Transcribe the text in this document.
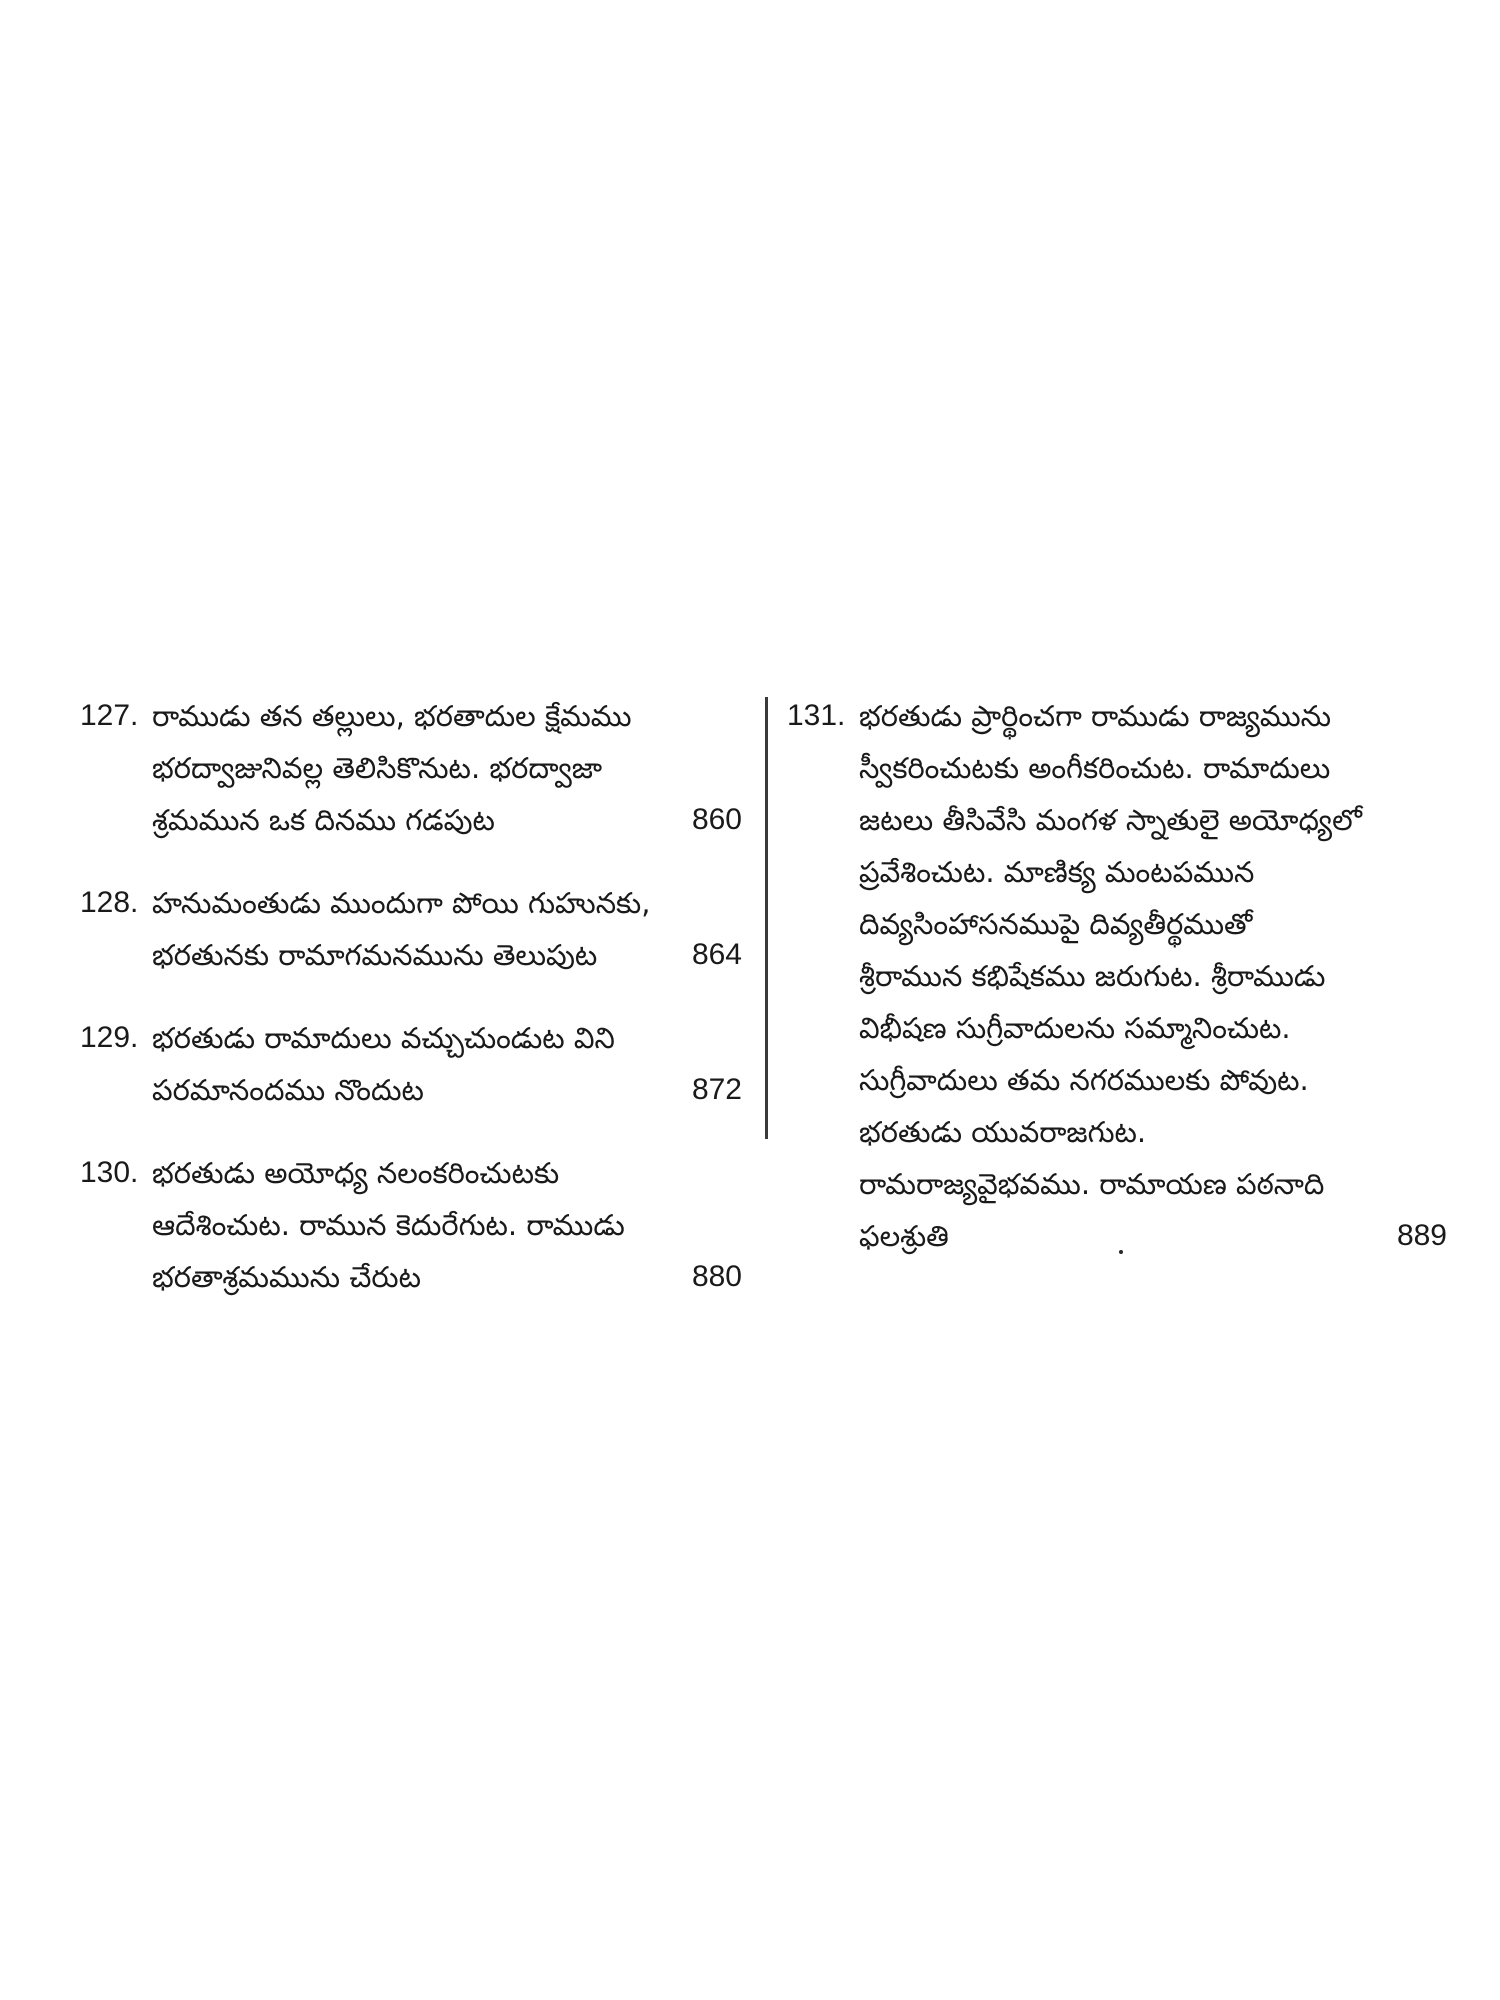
127. రాముడు తన తల్లులు, భరతాదుల క్షేమము
భరద్వాజునివల్ల తెలిసికొనుట. భరద్వాజా
శ్రమమున ఒక దినము గడపుట	860
128. హనుమంతుడు ముందుగా పోయి గుహునకు,
భరతునకు రామాగమనమును తెలుపుట	864
129. భరతుడు రామాదులు వచ్చుచుండుట విని
పరమానందము నొందుట	872
130. భరతుడు అయోధ్య నలంకరించుటకు
ఆదేశించుట. రామున కెదురేగుట. రాముడు
భరతాశ్రమమును చేరుట	880
131. భరతుడు ప్రార్థించగా రాముడు రాజ్యమును
స్వీకరించుటకు అంగీకరించుట. రామాదులు
జటలు తీసివేసి మంగళ స్నాతులై అయోధ్యలో
ప్రవేశించుట. మాణిక్య మంటపమున
దివ్యసింహాసనముపై దివ్యతీర్థముతో
శ్రీరామున కభిషేకము జరుగుట. శ్రీరాముడు
విభీషణ సుగ్రీవాదులను సమ్మానించుట.
సుగ్రీవాదులు తమ నగరములకు పోవుట.
భరతుడు యువరాజగుట.
రామరాజ్యవైభవము. రామాయణ పఠనాది
ఫలశ్రుతి	889
